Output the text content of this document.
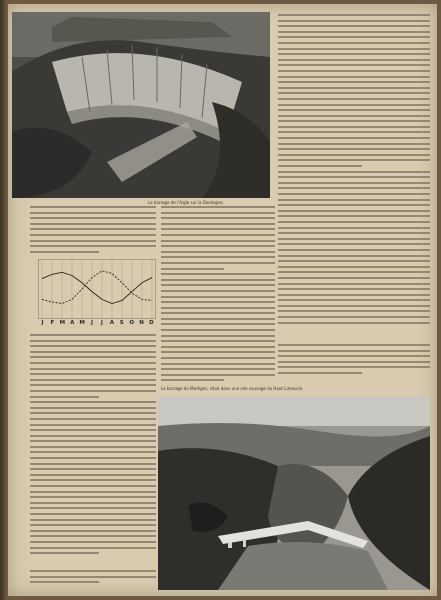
Le barrage de l'Aigle sur la Dordogne.
J	F M A M	J	J	A	S	O N D
Le barrage du Marèges, situé dans une site sauvage du Haut Limousin.
